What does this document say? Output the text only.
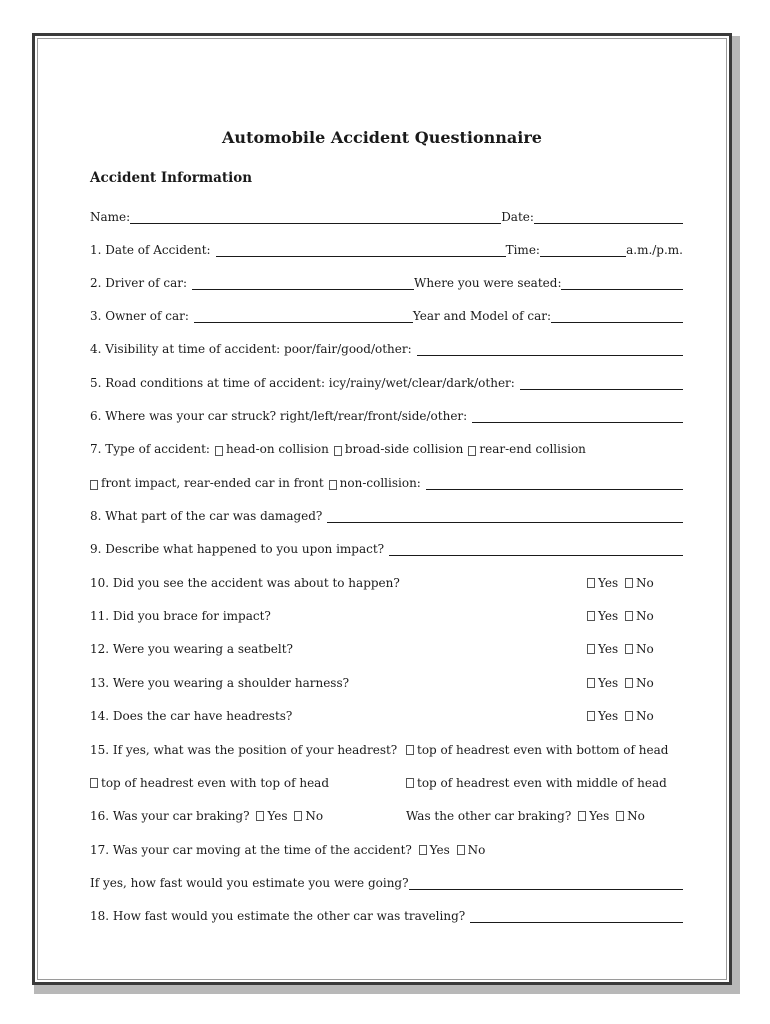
Automobile Accident Questionnaire
Accident Information
Name:	Date:
1. Date of Accident:	Time:	a.m./p.m.
2. Driver of car:	Where you were seated:
3. Owner of car:	Year and Model of car:
4. Visibility at time of accident: poor/fair/good/other:
5. Road conditions at time of accident: icy/rainy/wet/clear/dark/other:
6. Where was your car struck? right/left/rear/front/side/other:
7. Type of accident: head-on collision broad-side collision rear-end collision
front impact, rear-ended car in front non-collision:
8. What part of the car was damaged?
9. Describe what happened to you upon impact?
10. Did you see the accident was about to happen?	Yes No
11. Did you brace for impact?	Yes No
12. Were you wearing a seatbelt?	Yes No
13. Were you wearing a shoulder harness?	Yes No
14. Does the car have headrests?	Yes No
15. If yes, what was the position of your headrest?	top of headrest even with bottom of head
top of headrest even with top of head	top of headrest even with middle of head
16. Was your car braking? Yes No	Was the other car braking? Yes No
17. Was your car moving at the time of the accident? Yes No
If yes, how fast would you estimate you were going?
18. How fast would you estimate the other car was traveling?
